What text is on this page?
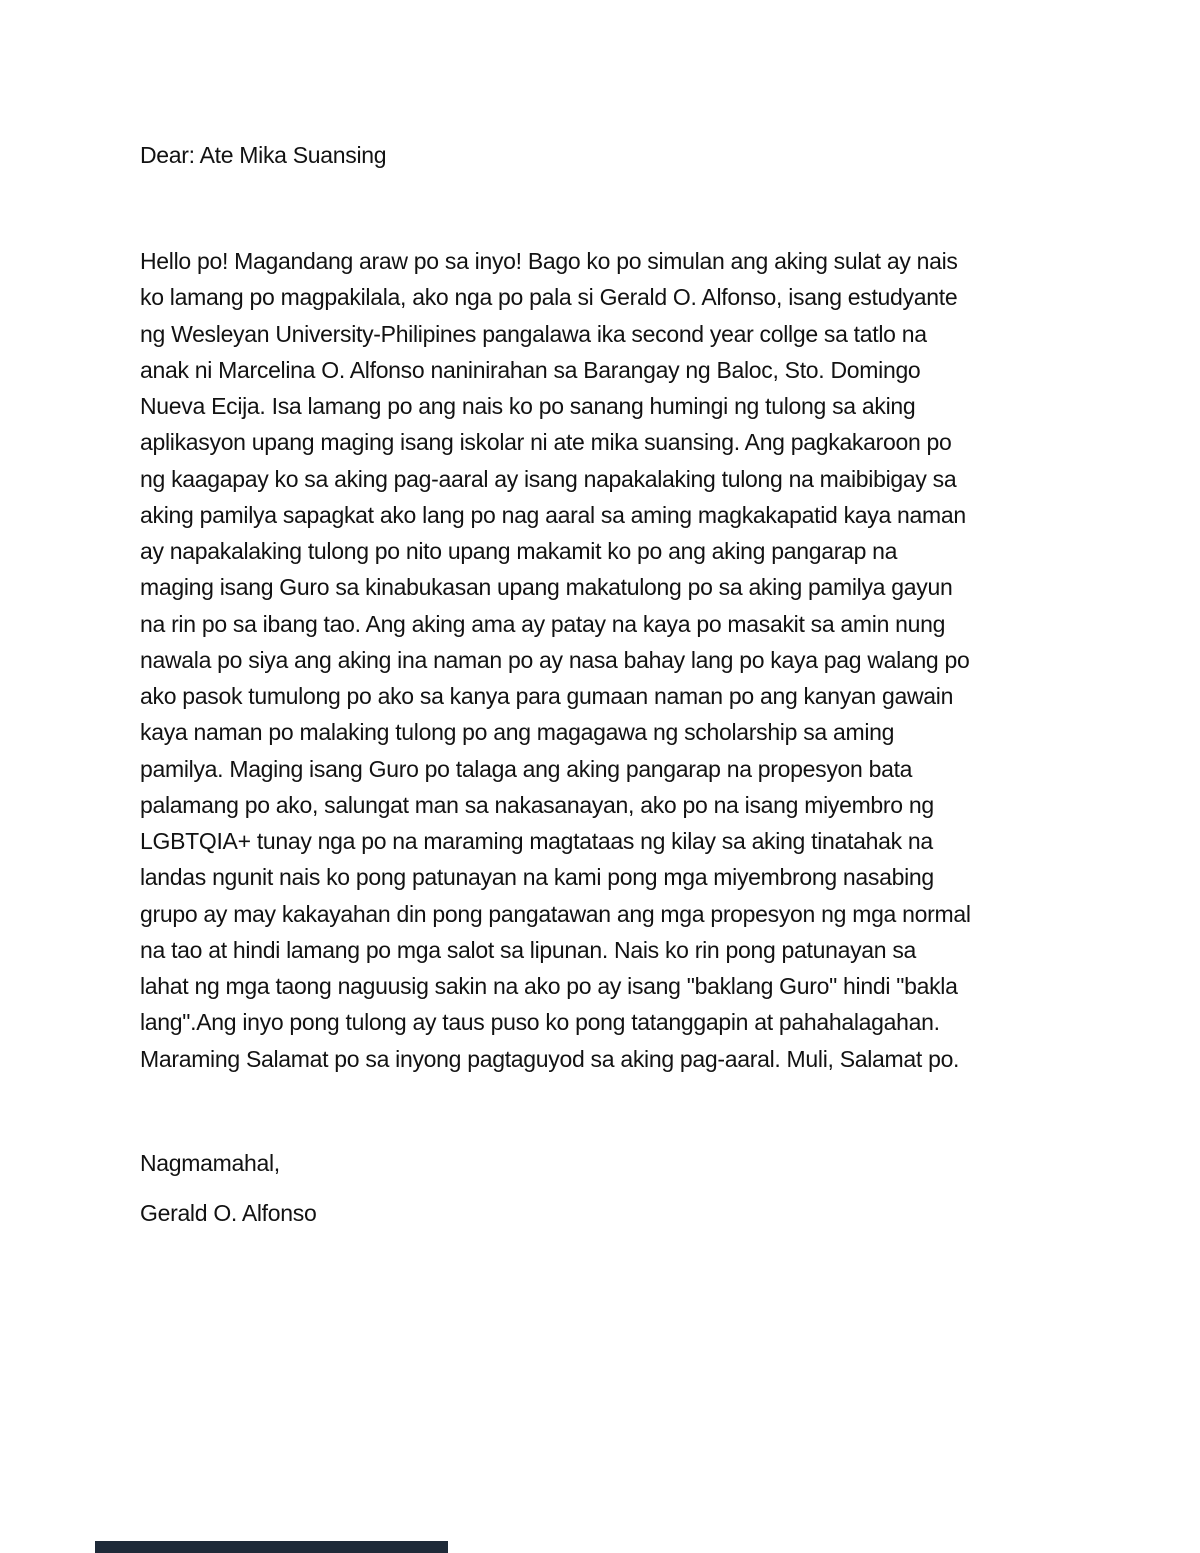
Dear: Ate Mika Suansing
Hello po! Magandang araw po sa inyo! Bago ko po simulan ang aking sulat ay nais
ko lamang po magpakilala, ako nga po pala si Gerald O. Alfonso, isang estudyante
ng Wesleyan University-Philipines pangalawa ika second year collge sa tatlo na
anak ni Marcelina O. Alfonso naninirahan sa Barangay ng Baloc, Sto. Domingo
Nueva Ecija. Isa lamang po ang nais ko po sanang humingi ng tulong sa aking
aplikasyon upang maging isang iskolar ni ate mika suansing. Ang pagkakaroon po
ng kaagapay ko sa aking pag-aaral ay isang napakalaking tulong na maibibigay sa
aking pamilya sapagkat ako lang po nag aaral sa aming magkakapatid kaya naman
ay napakalaking tulong po nito upang makamit ko po ang aking pangarap na
maging isang Guro sa kinabukasan upang makatulong po sa aking pamilya gayun
na rin po sa ibang tao. Ang aking ama ay patay na kaya po masakit sa amin nung
nawala po siya ang aking ina naman po ay nasa bahay lang po kaya pag walang po
ako pasok tumulong po ako sa kanya para gumaan naman po ang kanyan gawain
kaya naman po malaking tulong po ang magagawa ng scholarship sa aming
pamilya. Maging isang Guro po talaga ang aking pangarap na propesyon bata
palamang po ako, salungat man sa nakasanayan, ako po na isang miyembro ng
LGBTQIA+ tunay nga po na maraming magtataas ng kilay sa aking tinatahak na
landas ngunit nais ko pong patunayan na kami pong mga miyembrong nasabing
grupo ay may kakayahan din pong pangatawan ang mga propesyon ng mga normal
na tao at hindi lamang po mga salot sa lipunan. Nais ko rin pong patunayan sa
lahat ng mga taong naguusig sakin na ako po ay isang "baklang Guro" hindi "bakla
lang".Ang inyo pong tulong ay taus puso ko pong tatanggapin at pahahalagahan.
Maraming Salamat po sa inyong pagtaguyod sa aking pag-aaral. Muli, Salamat po.
Nagmamahal,
Gerald O. Alfonso
